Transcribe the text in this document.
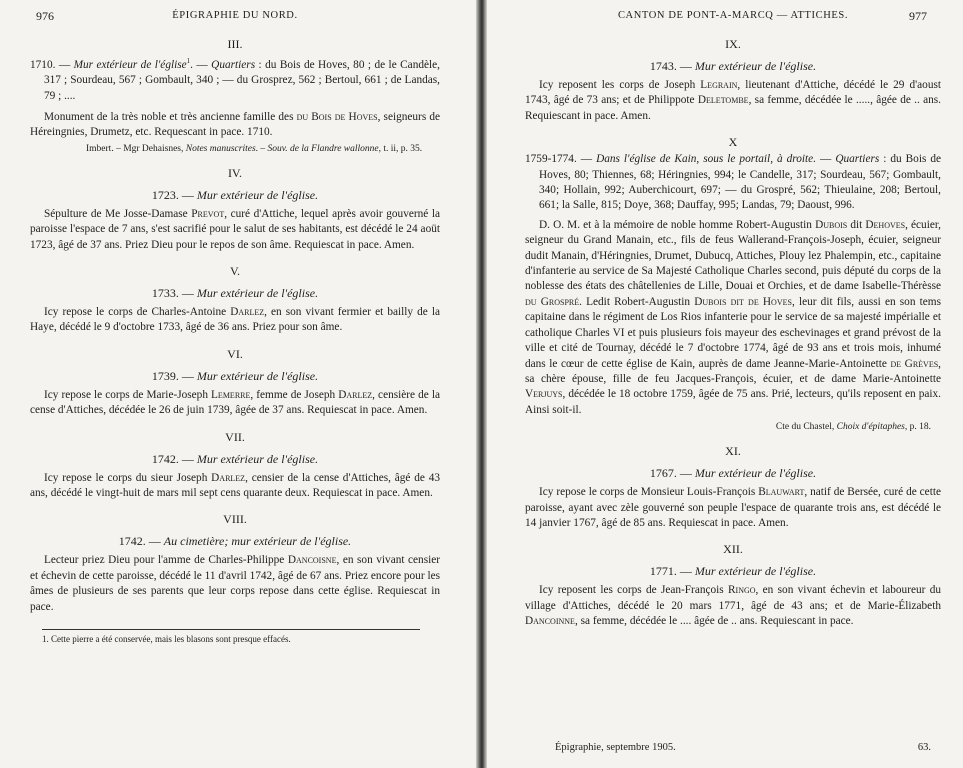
976	ÉPIGRAPHIE DU NORD.
III.

1710. — Mur extérieur de l'église$^1$. — Quartiers : du Bois de Hoves, 80 ; de le Candèle, 317 ; Sourdeau, 567 ; Gombault, 340 ; — du Grosprez, 562 ; Bertoul, 661 ; de Landas, 79 ; ....

Monument de la très noble et très ancienne famille des du Bois de Hoves, seigneurs de Héreingnies, Drumetz, etc. Requescant in pace. 1710.

Imbert. – Mgr Dehaisnes, Notes manuscrites. – Souv. de la Flandre wallonne, t. ii, p. 35.

IV.
1723. — Mur extérieur de l'église.

Sépulture de Me Josse-Damase Prevot, curé d'Attiche, lequel après avoir gouverné la paroisse l'espace de 7 ans, s'est sacrifié pour le salut de ses habitants, est décédé le 24 aoüt 1723, âgé de 37 ans. Priez Dieu pour le repos de son âme. Requiescat in pace. Amen.

V.
1733. — Mur extérieur de l'église.

Icy repose le corps de Charles-Antoine Darlez, en son vivant fermier et bailly de la Haye, décédé le 9 d'octobre 1733, âgé de 36 ans. Priez pour son âme.

VI.
1739. — Mur extérieur de l'église.

Icy repose le corps de Marie-Joseph Lemerre, femme de Joseph Darlez, censière de la cense d'Attiches, décédée le 26 de juin 1739, âgée de 37 ans. Requiescat in pace. Amen.

VII.
1742. — Mur extérieur de l'église.

Icy repose le corps du sieur Joseph Darlez, censier de la cense d'Attiches, âgé de 43 ans, décédé le vingt-huit de mars mil sept cens quarante deux. Requiescat in pace. Amen.

VIII.
1742. — Au cimetière; mur extérieur de l'église.

Lecteur priez Dieu pour l'amme de Charles-Philippe Dancoisne, en son vivant censier et échevin de cette paroisse, décédé le 11 d'avril 1742, âgé de 67 ans. Priez encore pour les âmes de plusieurs de ses parents que leur corps repose dans cette église. Requiescat in pace.

1. Cette pierre a été conservée, mais les blasons sont presque effacés.

CANTON DE PONT-A-MARCQ — ATTICHES.	977
IX.
1743. — Mur extérieur de l'église.

Icy reposent les corps de Joseph Legrain, lieutenant d'Attiche, décédé le 29 d'aoust 1743, âgé de 73 ans; et de Philippote Deletombe, sa femme, décédée le ....., âgée de .. ans. Requiescant in pace. Amen.

X

1759-1774. — Dans l'église de Kain, sous le portail, à droite. — Quartiers : du Bois de Hoves, 80; Thiennes, 68; Héringnies, 994; le Candelle, 317; Sourdeau, 567; Gombault, 340; Hollain, 992; Auberchicourt, 697; — du Grospré, 562; Thieulaine, 208; Bertoul, 661; la Salle, 815; Doye, 368; Dauffay, 995; Landas, 79; Daoust, 996.

D. O. M. et à la mémoire de noble homme Robert-Augustin Dubois dit Dehoves, écuier, seigneur du Grand Manain, etc., fils de feus Wallerand-François-Joseph, écuier, seigneur dudit Manain, d'Héringnies, Drumet, Dubucq, Attiches, Plouy lez Phalempin, etc., capitaine d'infanterie au service de Sa Majesté Catholique Charles second, puis député du corps de la noblesse des états des châtellenies de Lille, Douai et Orchies, et de dame Isabelle-Thérèsse du Grospré. Ledit Robert-Augustin Dubois dit de Hoves, leur dit fils, aussi en son tems capitaine dans le régiment de Los Rios infanterie pour le service de sa majesté impérialle et catholique Charles VI et puis plusieurs fois mayeur des eschevinages et grand prévost de la ville et cité de Tournay, décédé le 7 d'octobre 1774, âgé de 93 ans et trois mois, inhumé dans le cœur de cette église de Kain, auprès de dame Jeanne-Marie-Antoinette de Grèves, sa chère épouse, fille de feu Jacques-François, écuier, et de dame Marie-Antoinette Verjuys, décédée le 18 octobre 1759, âgée de 75 ans. Prié, lecteurs, qu'ils reposent en paix. Ainsi soit-il.

Cte du Chastel, Choix d'épitaphes, p. 18.

XI.
1767. — Mur extérieur de l'église.

Icy repose le corps de Monsieur Louis-François Blauwart, natif de Bersée, curé de cette paroisse, ayant avec zèle gouverné son peuple l'espace de quarante trois ans, est décédé le 14 janvier 1767, âgé de 85 ans. Requiescat in pace. Amen.

XII.
1771. — Mur extérieur de l'église.

Icy reposent les corps de Jean-François Ringo, en son vivant échevin et laboureur du village d'Attiches, décédé le 20 mars 1771, âgé de 43 ans; et de Marie-Élizabeth Dancoinne, sa femme, décédée le .... âgée de .. ans. Requiescant in pace.

Épigraphie, septembre 1905.	63.
